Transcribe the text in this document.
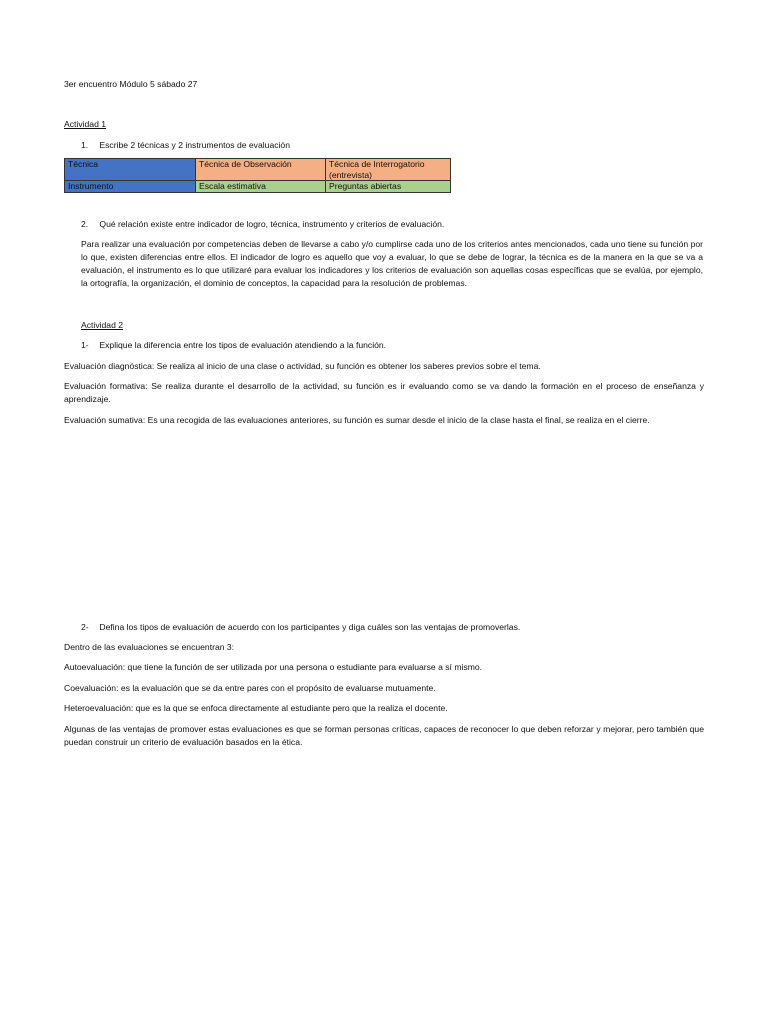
3er encuentro Módulo 5 sábado 27
Actividad 1
1. Escribe 2 técnicas y 2 instrumentos de evaluación
Técnica	Técnica de Observación	Técnica de Interrogatorio (entrevista)
Instrumento	Escala estimativa	Preguntas abiertas
2. Qué relación existe entre indicador de logro, técnica, instrumento y criterios de evaluación.
Para realizar una evaluación por competencias deben de llevarse a cabo y/o cumplirse cada uno de los criterios antes mencionados, cada uno tiene su función por lo que, existen diferencias entre ellos. El indicador de logro es aquello que voy a evaluar, lo que se debe de lograr, la técnica es de la manera en la que se va a evaluación, el instrumento es lo que utilizaré para evaluar los indicadores y los criterios de evaluación son aquellas cosas específicas que se evalúa, por ejemplo, la ortografía, la organización, el dominio de conceptos, la capacidad para la resolución de problemas.
Actividad 2
1- Explique la diferencia entre los tipos de evaluación atendiendo a la función.
Evaluación diagnóstica: Se realiza al inicio de una clase o actividad, su función es obtener los saberes previos sobre el tema.
Evaluación formativa: Se realiza durante el desarrollo de la actividad, su función es ir evaluando como se va dando la formación en el proceso de enseñanza y aprendizaje.
Evaluación sumativa: Es una recogida de las evaluaciones anteriores, su función es sumar desde el inicio de la clase hasta el final, se realiza en el cierre.
2- Defina los tipos de evaluación de acuerdo con los participantes y diga cuáles son las ventajas de promoverlas.
Dentro de las evaluaciones se encuentran 3:
Autoevaluación: que tiene la función de ser utilizada por una persona o estudiante para evaluarse a sí mismo.
Coevaluación: es la evaluación que se da entre pares con el propósito de evaluarse mutuamente.
Heteroevaluación: que es la que se enfoca directamente al estudiante pero que la realiza el docente.
Algunas de las ventajas de promover estas evaluaciones es que se forman personas críticas, capaces de reconocer lo que deben reforzar y mejorar, pero también que puedan construir un criterio de evaluación basados en la ética.
